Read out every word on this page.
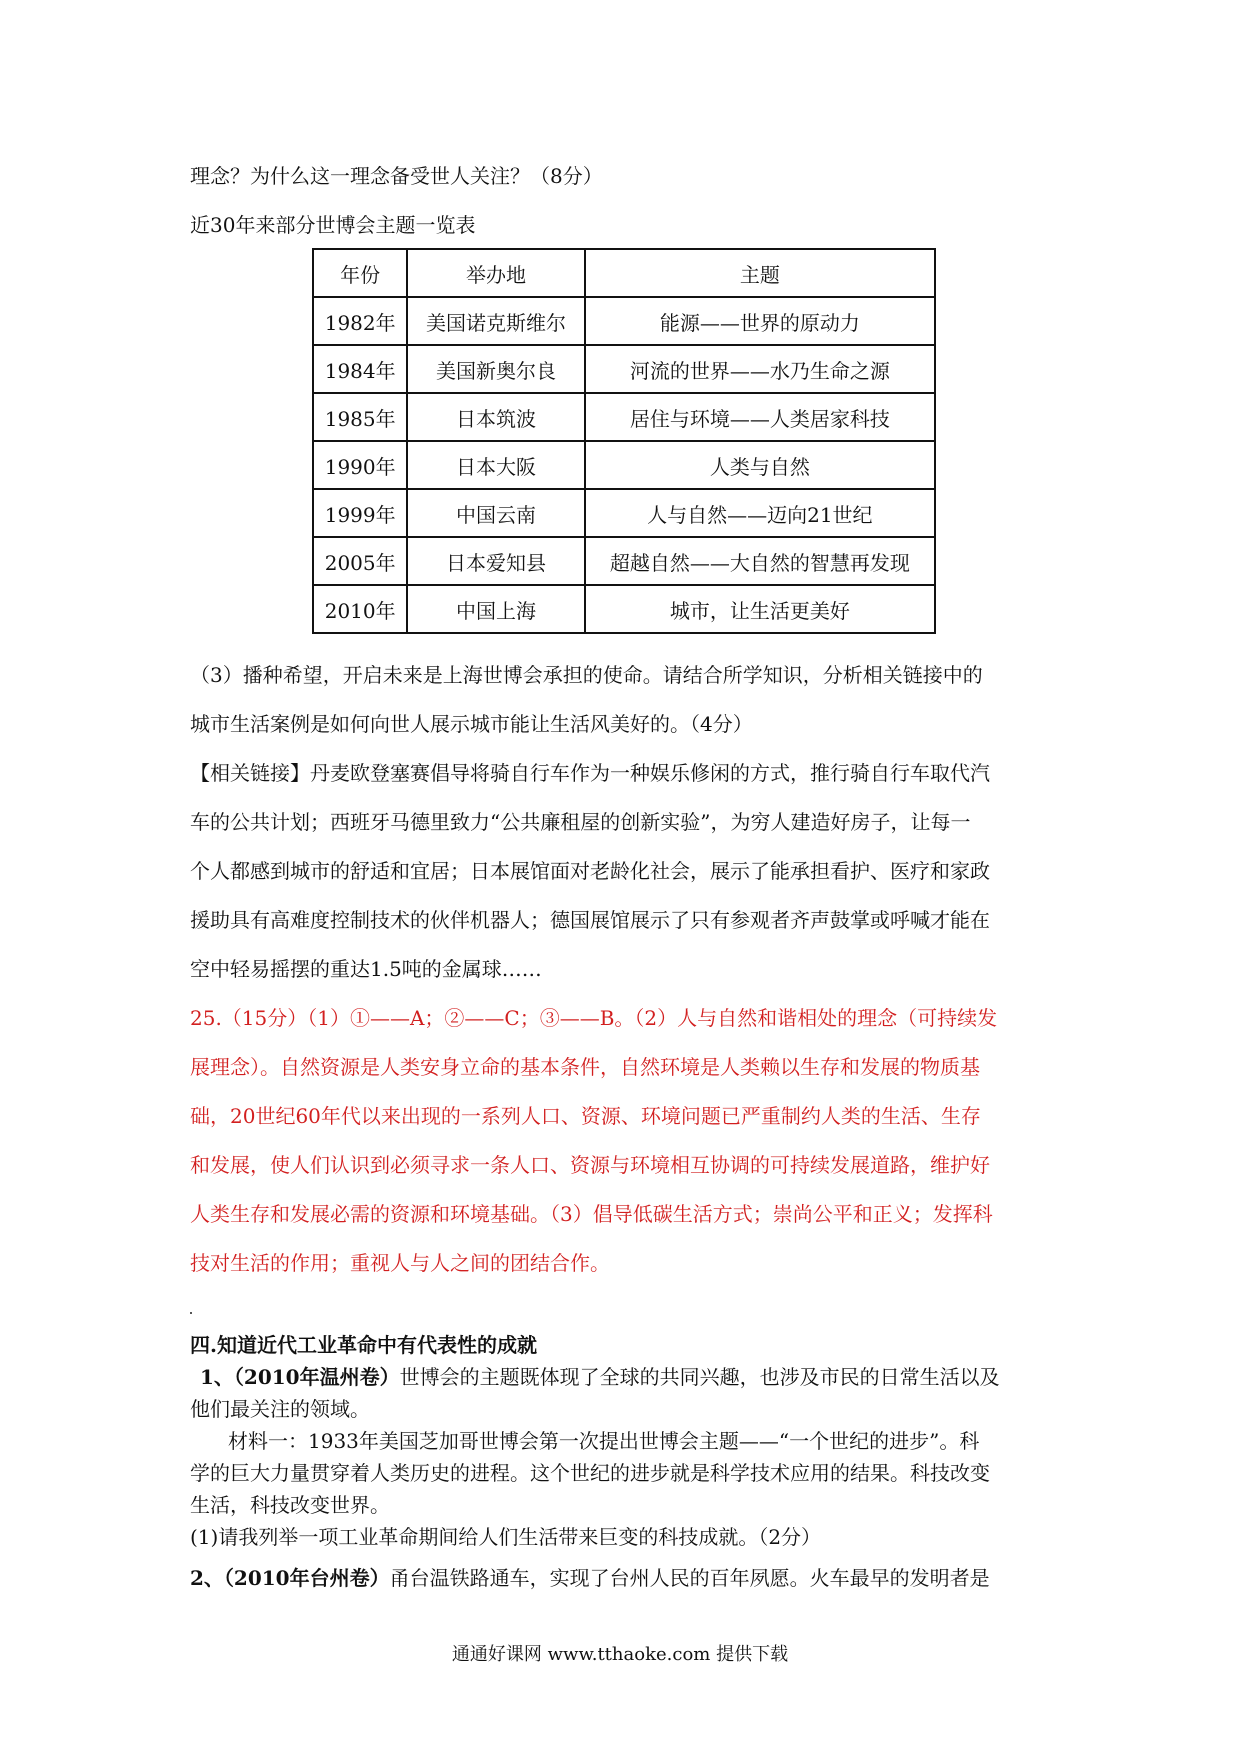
理念？为什么这一理念备受世人关注？（8分）
近30年来部分世博会主题一览表
年份	举办地	主题
1982年	美国诺克斯维尔	能源——世界的原动力
1984年	美国新奥尔良	河流的世界——水乃生命之源
1985年	日本筑波	居住与环境——人类居家科技
1990年	日本大阪	人类与自然
1999年	中国云南	人与自然——迈向21世纪
2005年	日本爱知县	超越自然——大自然的智慧再发现
2010年	中国上海	城市，让生活更美好
（3）播种希望，开启未来是上海世博会承担的使命。请结合所学知识，分析相关链接中的
城市生活案例是如何向世人展示城市能让生活风美好的。（4分）
【相关链接】丹麦欧登塞赛倡导将骑自行车作为一种娱乐修闲的方式，推行骑自行车取代汽
车的公共计划；西班牙马德里致力“公共廉租屋的创新实验”，为穷人建造好房子，让每一
个人都感到城市的舒适和宜居；日本展馆面对老龄化社会，展示了能承担看护、医疗和家政
援助具有高难度控制技术的伙伴机器人；德国展馆展示了只有参观者齐声鼓掌或呼喊才能在
空中轻易摇摆的重达1.5吨的金属球……
25.（15分）（1）①——A；②——C；③——B。（2）人与自然和谐相处的理念（可持续发
展理念）。自然资源是人类安身立命的基本条件，自然环境是人类赖以生存和发展的物质基
础，20世纪60年代以来出现的一系列人口、资源、环境问题已严重制约人类的生活、生存
和发展，使人们认识到必须寻求一条人口、资源与环境相互协调的可持续发展道路，维护好
人类生存和发展必需的资源和环境基础。（3）倡导低碳生活方式；崇尚公平和正义；发挥科
技对生活的作用；重视人与人之间的团结合作。
四.知道近代工业革命中有代表性的成就
1、（2010年温州卷）世博会的主题既体现了全球的共同兴趣，也涉及市民的日常生活以及
他们最关注的领域。
材料一：1933年美国芝加哥世博会第一次提出世博会主题——“一个世纪的进步”。科
学的巨大力量贯穿着人类历史的进程。这个世纪的进步就是科学技术应用的结果。科技改变
生活，科技改变世界。
(1)请我列举一项工业革命期间给人们生活带来巨变的科技成就。（2分）
2、（2010年台州卷）甬台温铁路通车，实现了台州人民的百年夙愿。火车最早的发明者是
通通好课网 www.tthaoke.com 提供下载
